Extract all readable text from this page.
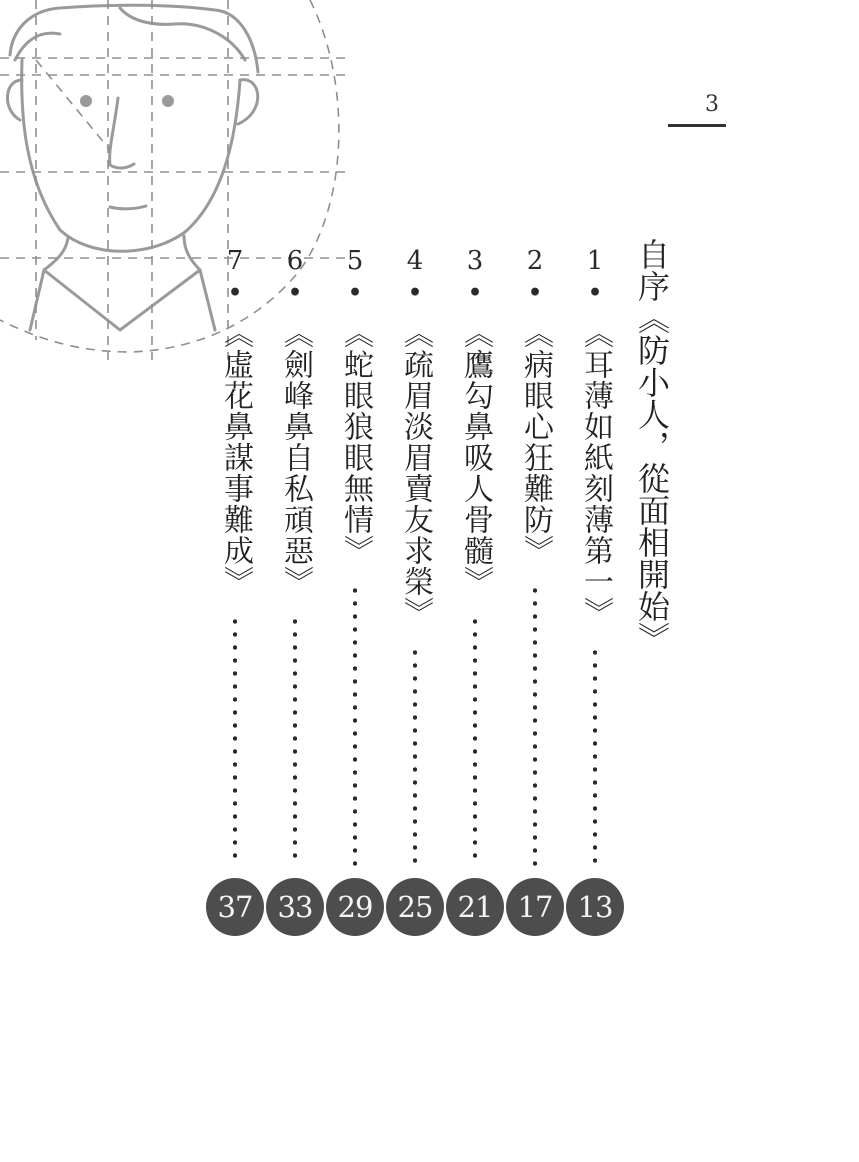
3
自序《防小人，從面相開始》
1
•
《耳薄如紙刻薄第一》
13
2
•
《病眼心狂難防》
17
3
•
《鷹勾鼻吸人骨髓》
21
4
•
《疏眉淡眉賣友求榮》
25
5
•
《蛇眼狼眼無情》
29
6
•
《劍峰鼻自私頑惡》
33
7
•
《虛花鼻謀事難成》
37
